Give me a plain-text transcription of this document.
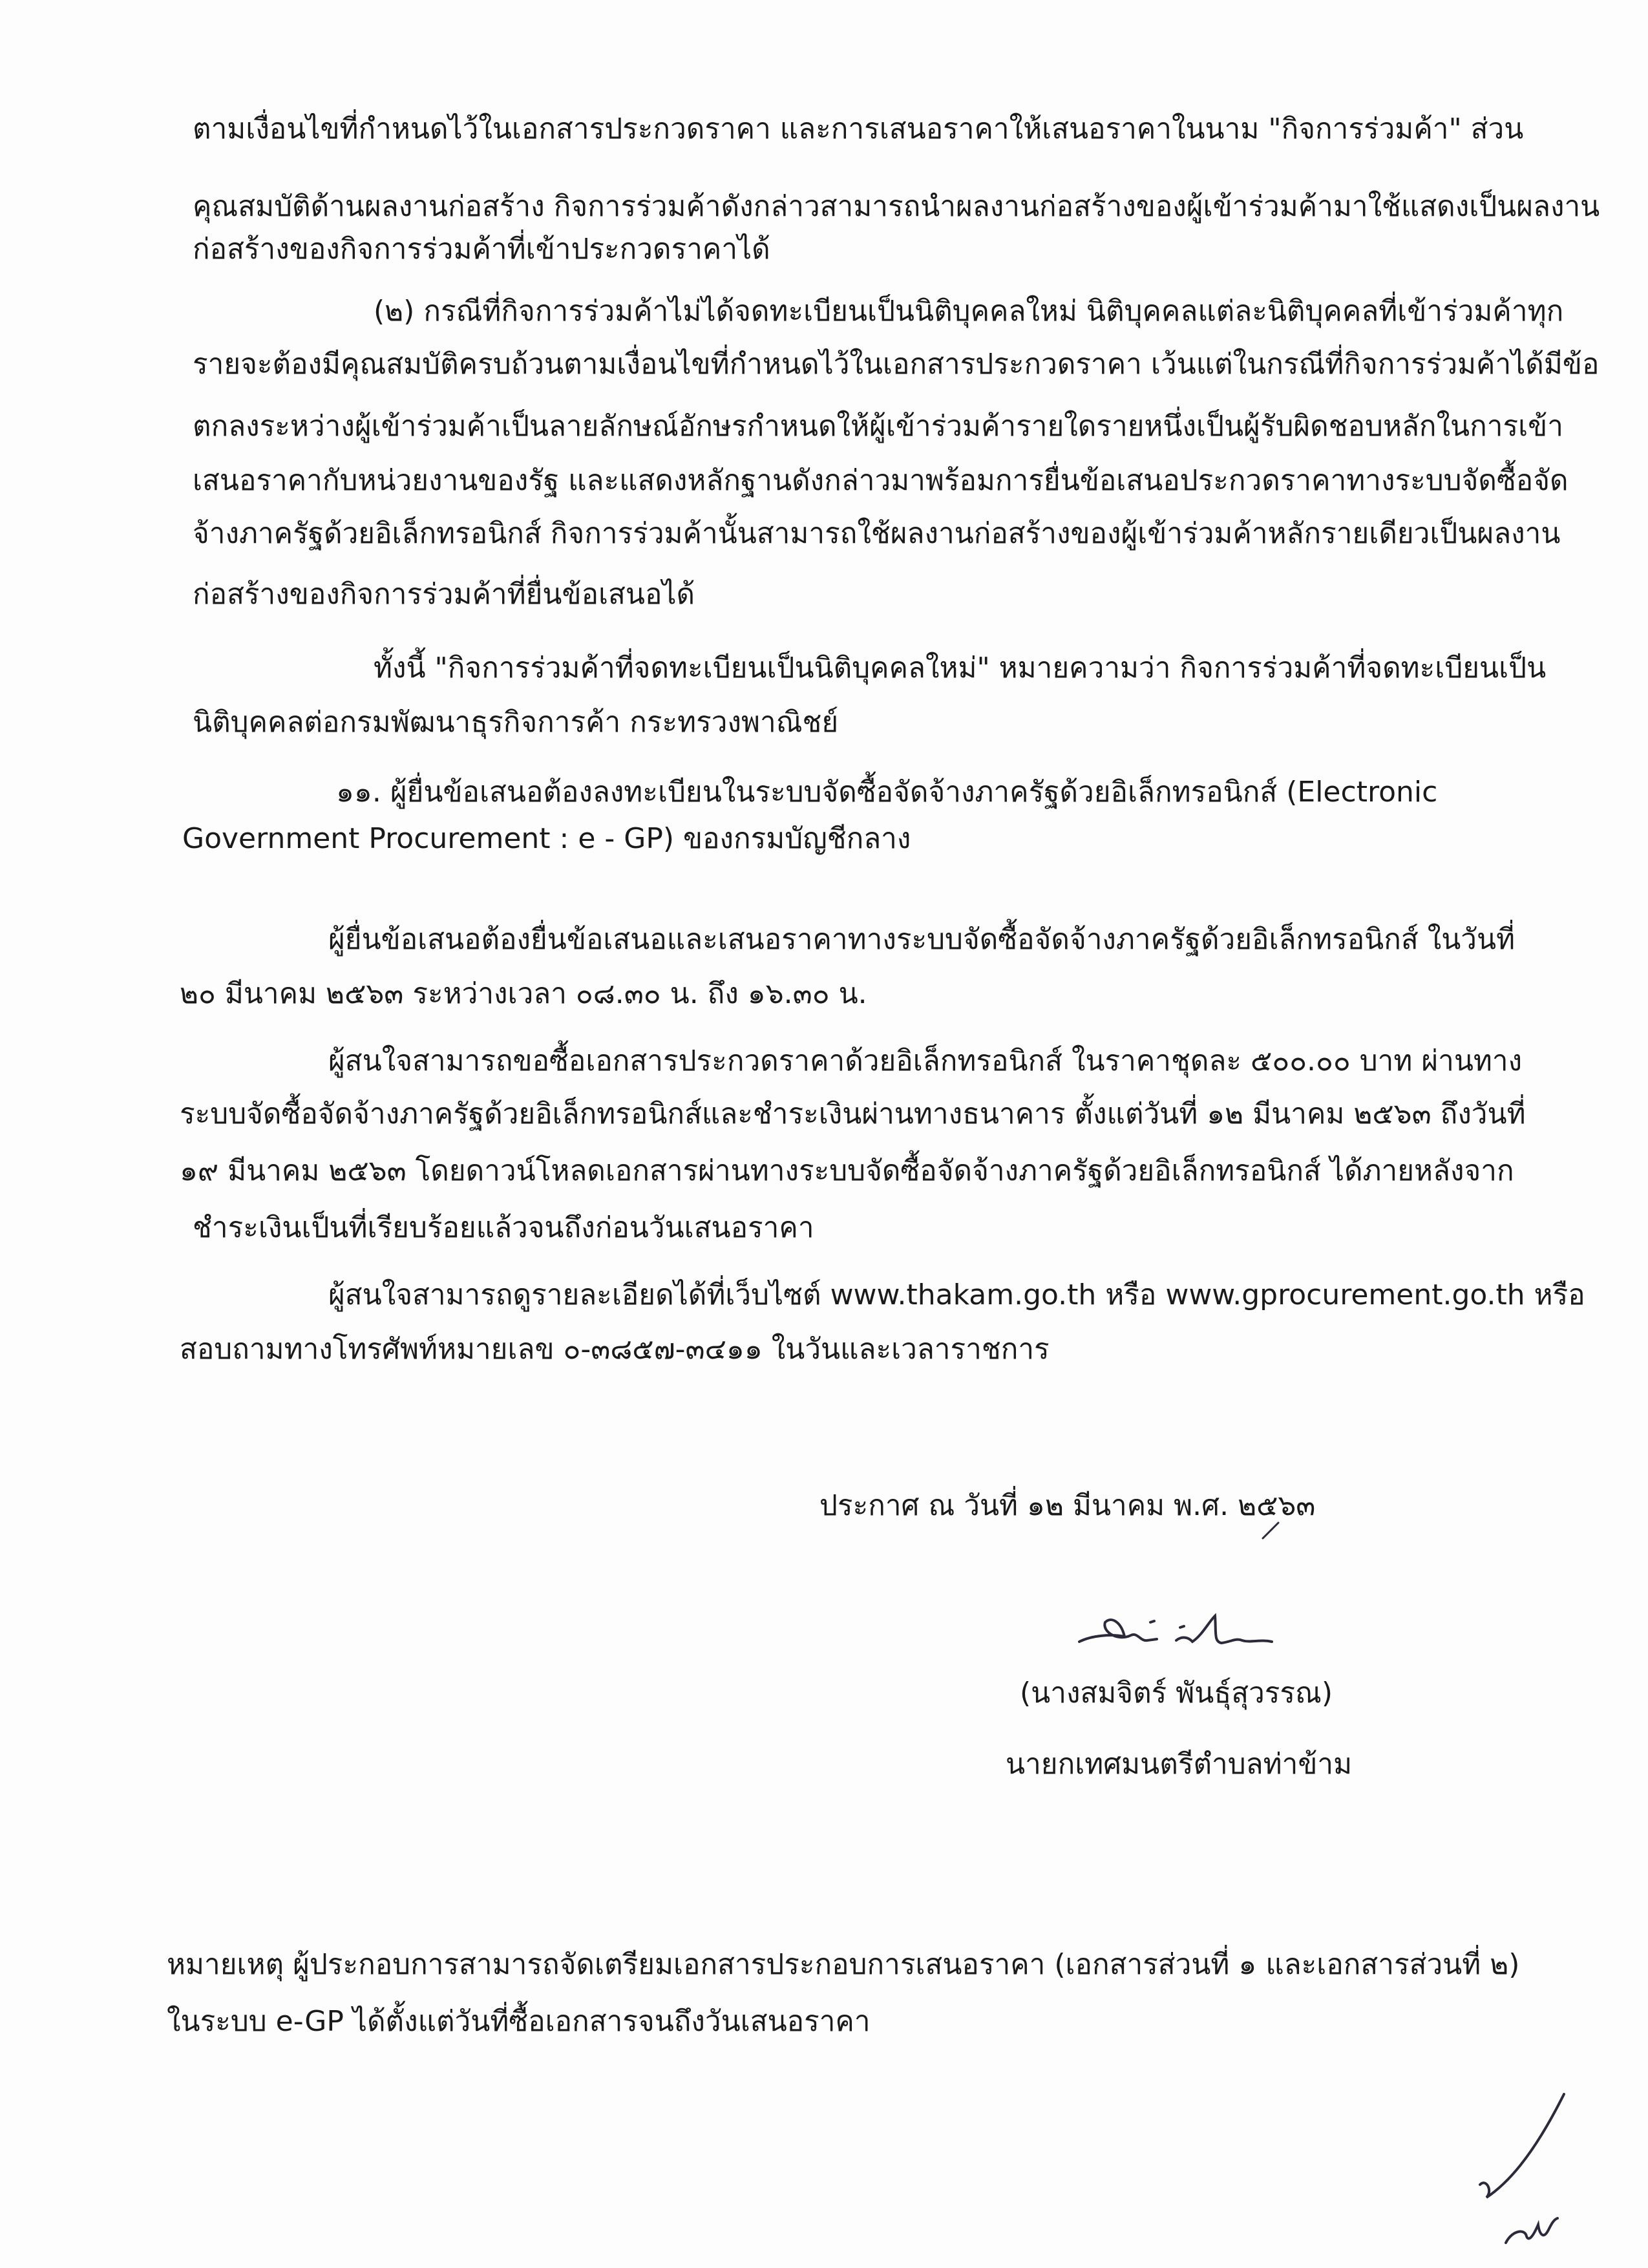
ตามเงื่อนไขที่กำหนดไว้ในเอกสารประกวดราคา และการเสนอราคาให้เสนอราคาในนาม "กิจการร่วมค้า" ส่วน
คุณสมบัติด้านผลงานก่อสร้าง กิจการร่วมค้าดังกล่าวสามารถนำผลงานก่อสร้างของผู้เข้าร่วมค้ามาใช้แสดงเป็นผลงาน
ก่อสร้างของกิจการร่วมค้าที่เข้าประกวดราคาได้
(๒) กรณีที่กิจการร่วมค้าไม่ได้จดทะเบียนเป็นนิติบุคคลใหม่ นิติบุคคลแต่ละนิติบุคคลที่เข้าร่วมค้าทุก
รายจะต้องมีคุณสมบัติครบถ้วนตามเงื่อนไขที่กำหนดไว้ในเอกสารประกวดราคา เว้นแต่ในกรณีที่กิจการร่วมค้าได้มีข้อ
ตกลงระหว่างผู้เข้าร่วมค้าเป็นลายลักษณ์อักษรกำหนดให้ผู้เข้าร่วมค้ารายใดรายหนึ่งเป็นผู้รับผิดชอบหลักในการเข้า
เสนอราคากับหน่วยงานของรัฐ และแสดงหลักฐานดังกล่าวมาพร้อมการยื่นข้อเสนอประกวดราคาทางระบบจัดซื้อจัด
จ้างภาครัฐด้วยอิเล็กทรอนิกส์ กิจการร่วมค้านั้นสามารถใช้ผลงานก่อสร้างของผู้เข้าร่วมค้าหลักรายเดียวเป็นผลงาน
ก่อสร้างของกิจการร่วมค้าที่ยื่นข้อเสนอได้
ทั้งนี้ "กิจการร่วมค้าที่จดทะเบียนเป็นนิติบุคคลใหม่" หมายความว่า กิจการร่วมค้าที่จดทะเบียนเป็น
นิติบุคคลต่อกรมพัฒนาธุรกิจการค้า กระทรวงพาณิชย์
๑๑. ผู้ยื่นข้อเสนอต้องลงทะเบียนในระบบจัดซื้อจัดจ้างภาครัฐด้วยอิเล็กทรอนิกส์ (Electronic
Government Procurement : e - GP) ของกรมบัญชีกลาง
ผู้ยื่นข้อเสนอต้องยื่นข้อเสนอและเสนอราคาทางระบบจัดซื้อจัดจ้างภาครัฐด้วยอิเล็กทรอนิกส์ ในวันที่
๒๐ มีนาคม ๒๕๖๓ ระหว่างเวลา ๐๘.๓๐ น. ถึง ๑๖.๓๐ น.
ผู้สนใจสามารถขอซื้อเอกสารประกวดราคาด้วยอิเล็กทรอนิกส์ ในราคาชุดละ ๕๐๐.๐๐ บาท ผ่านทาง
ระบบจัดซื้อจัดจ้างภาครัฐด้วยอิเล็กทรอนิกส์และชำระเงินผ่านทางธนาคาร ตั้งแต่วันที่ ๑๒ มีนาคม ๒๕๖๓ ถึงวันที่
๑๙ มีนาคม ๒๕๖๓ โดยดาวน์โหลดเอกสารผ่านทางระบบจัดซื้อจัดจ้างภาครัฐด้วยอิเล็กทรอนิกส์ ได้ภายหลังจาก
ชำระเงินเป็นที่เรียบร้อยแล้วจนถึงก่อนวันเสนอราคา
ผู้สนใจสามารถดูรายละเอียดได้ที่เว็บไซต์ www.thakam.go.th หรือ www.gprocurement.go.th หรือ
สอบถามทางโทรศัพท์หมายเลข ๐-๓๘๕๗-๓๔๑๑ ในวันและเวลาราชการ
ประกาศ ณ วันที่ ๑๒ มีนาคม พ.ศ. ๒๕๖๓
(นางสมจิตร์ พันธุ์สุวรรณ)
นายกเทศมนตรีตำบลท่าข้าม
หมายเหตุ ผู้ประกอบการสามารถจัดเตรียมเอกสารประกอบการเสนอราคา (เอกสารส่วนที่ ๑ และเอกสารส่วนที่ ๒)
ในระบบ e-GP ได้ตั้งแต่วันที่ซื้อเอกสารจนถึงวันเสนอราคา
